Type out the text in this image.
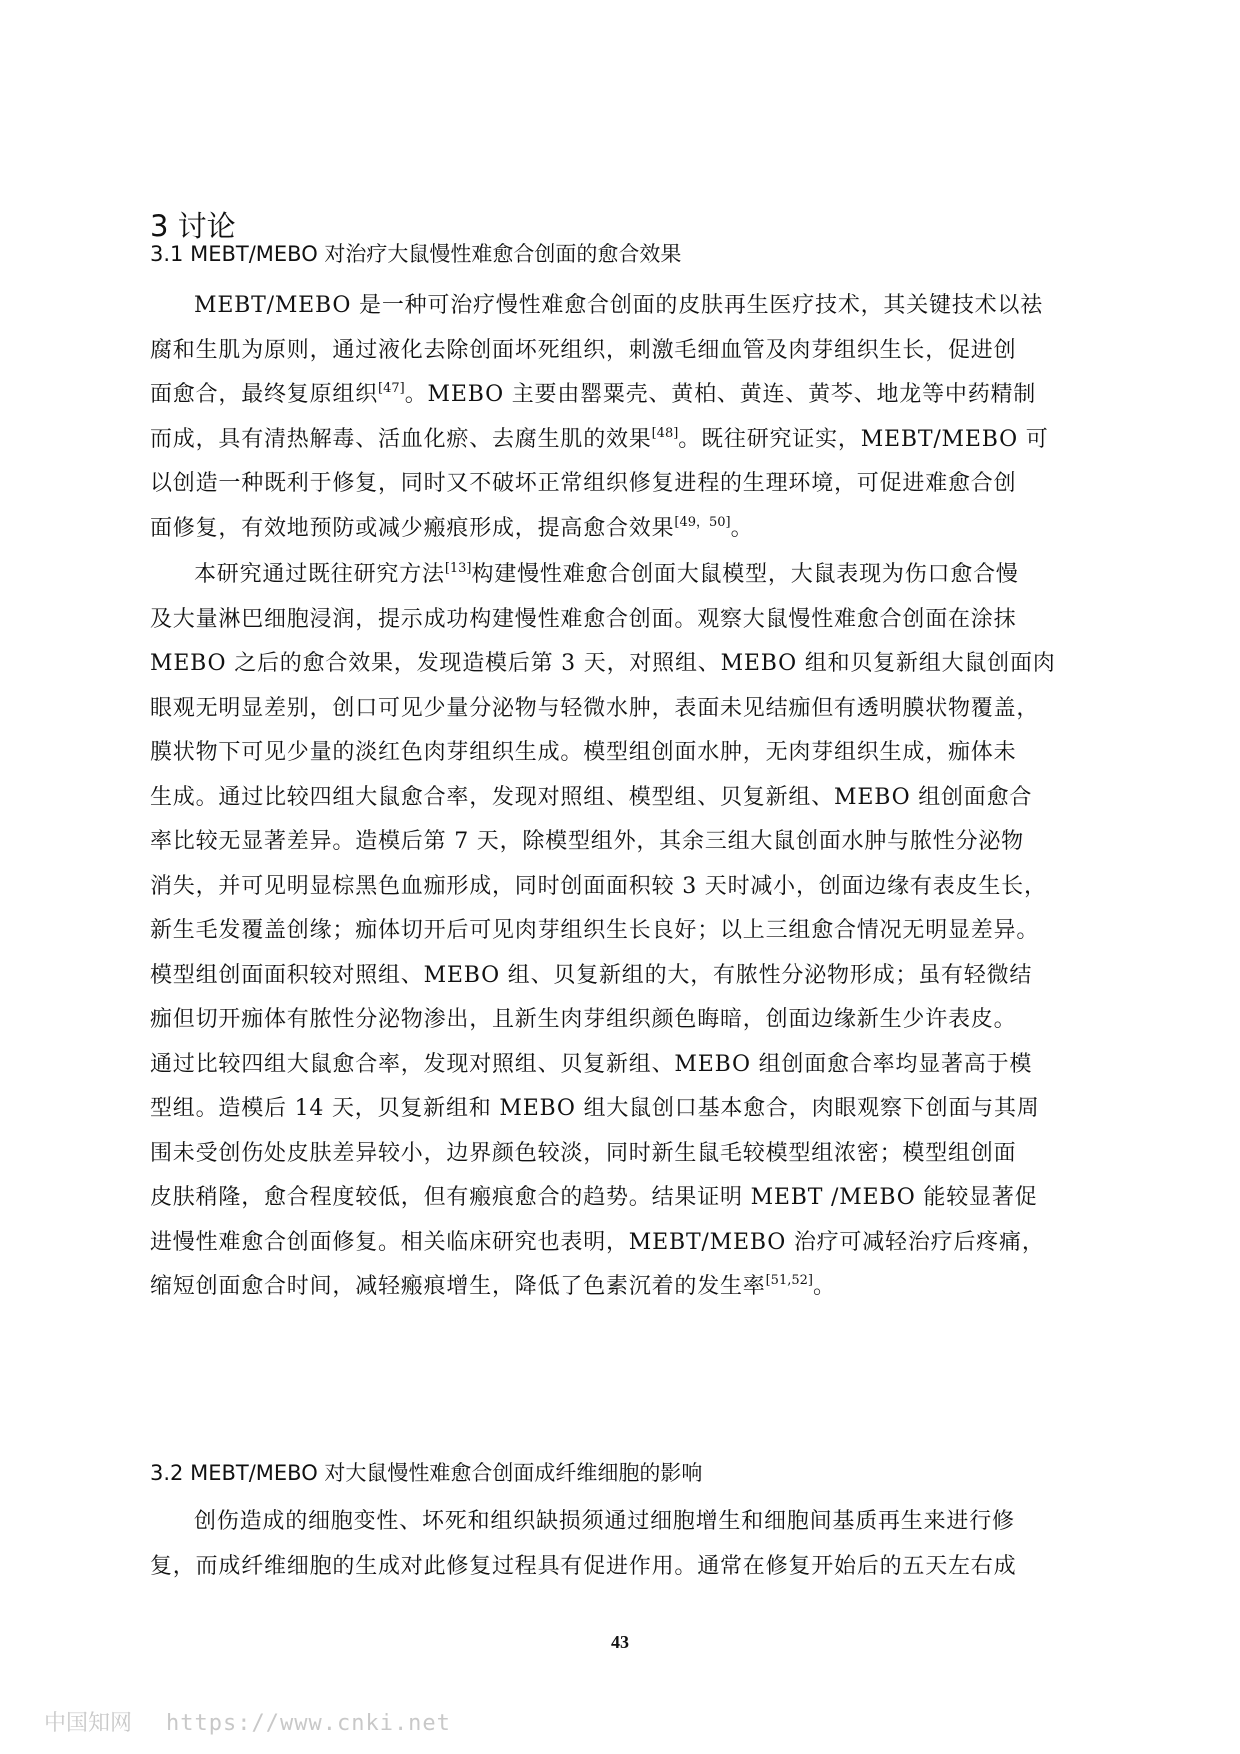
3 讨论
3.1 MEBT/MEBO 对治疗大鼠慢性难愈合创面的愈合效果
MEBT/MEBO 是一种可治疗慢性难愈合创面的皮肤再生医疗技术，其关键技术以祛
腐和生肌为原则，通过液化去除创面坏死组织，刺激毛细血管及肉芽组织生长，促进创
面愈合，最终复原组织[47]。MEBO 主要由罂粟壳、黄柏、黄连、黄芩、地龙等中药精制
而成，具有清热解毒、活血化瘀、去腐生肌的效果[48]。既往研究证实，MEBT/MEBO 可
以创造一种既利于修复，同时又不破坏正常组织修复进程的生理环境，可促进难愈合创
面修复，有效地预防或减少瘢痕形成，提高愈合效果[49，50]。
本研究通过既往研究方法[13]构建慢性难愈合创面大鼠模型，大鼠表现为伤口愈合慢
及大量淋巴细胞浸润，提示成功构建慢性难愈合创面。观察大鼠慢性难愈合创面在涂抹
MEBO 之后的愈合效果，发现造模后第 3 天，对照组、MEBO 组和贝复新组大鼠创面肉
眼观无明显差别，创口可见少量分泌物与轻微水肿，表面未见结痂但有透明膜状物覆盖，
膜状物下可见少量的淡红色肉芽组织生成。模型组创面水肿，无肉芽组织生成，痂体未
生成。通过比较四组大鼠愈合率，发现对照组、模型组、贝复新组、MEBO 组创面愈合
率比较无显著差异。造模后第 7 天，除模型组外，其余三组大鼠创面水肿与脓性分泌物
消失，并可见明显棕黑色血痂形成，同时创面面积较 3 天时减小，创面边缘有表皮生长，
新生毛发覆盖创缘；痂体切开后可见肉芽组织生长良好；以上三组愈合情况无明显差异。
模型组创面面积较对照组、MEBO 组、贝复新组的大，有脓性分泌物形成；虽有轻微结
痂但切开痂体有脓性分泌物渗出，且新生肉芽组织颜色晦暗，创面边缘新生少许表皮。
通过比较四组大鼠愈合率，发现对照组、贝复新组、MEBO 组创面愈合率均显著高于模
型组。造模后 14 天，贝复新组和 MEBO 组大鼠创口基本愈合，肉眼观察下创面与其周
围未受创伤处皮肤差异较小，边界颜色较淡，同时新生鼠毛较模型组浓密；模型组创面
皮肤稍隆，愈合程度较低，但有瘢痕愈合的趋势。结果证明 MEBT /MEBO 能较显著促
进慢性难愈合创面修复。相关临床研究也表明，MEBT/MEBO 治疗可减轻治疗后疼痛，
缩短创面愈合时间，减轻瘢痕增生，降低了色素沉着的发生率[51,52]。
3.2 MEBT/MEBO 对大鼠慢性难愈合创面成纤维细胞的影响
创伤造成的细胞变性、坏死和组织缺损须通过细胞增生和细胞间基质再生来进行修
复，而成纤维细胞的生成对此修复过程具有促进作用。通常在修复开始后的五天左右成
43
中国知网 https://www.cnki.net
